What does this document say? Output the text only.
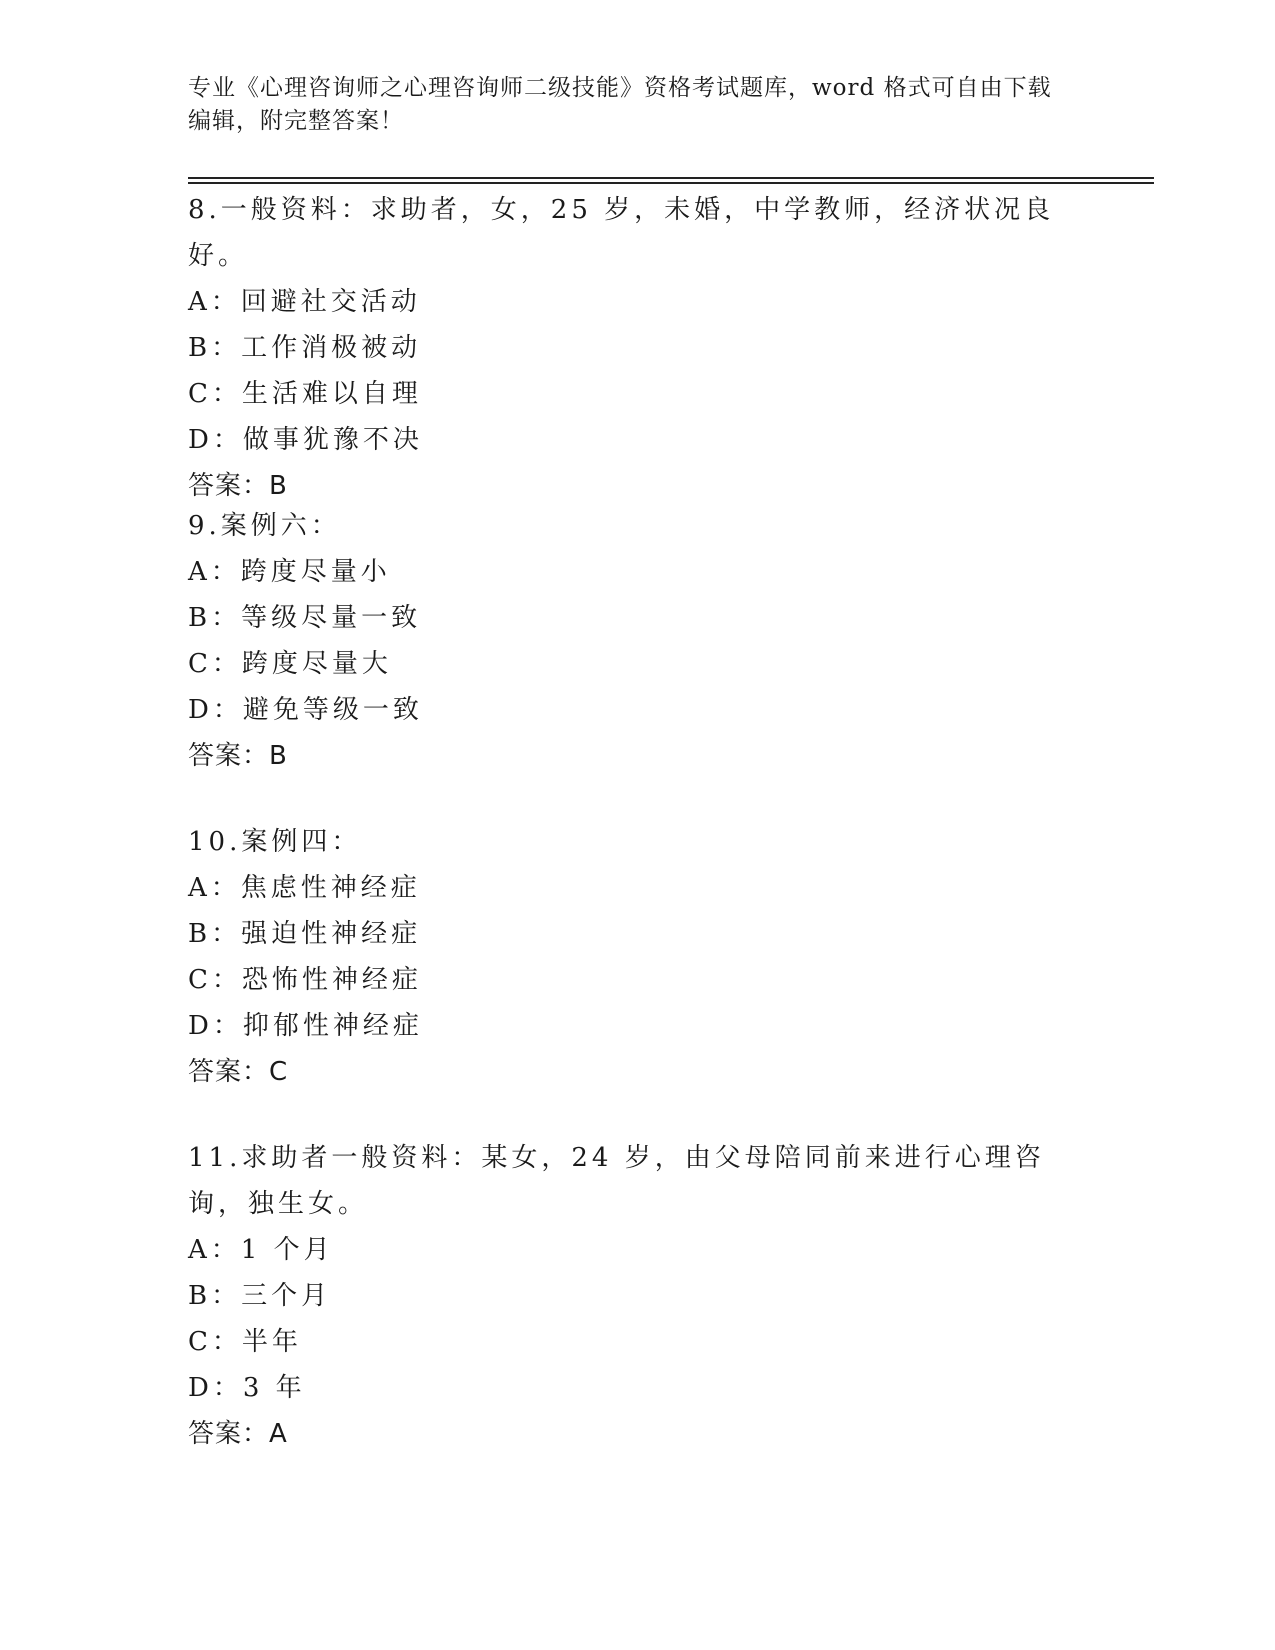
专业《心理咨询师之心理咨询师二级技能》资格考试题库，word 格式可自由下载
编辑，附完整答案！

8.一般资料：求助者，女，25 岁，未婚，中学教师，经济状况良好。

A：回避社交活动

B：工作消极被动

C：生活难以自理

D：做事犹豫不决

答案：B

9.案例六：

A：跨度尽量小

B：等级尽量一致

C：跨度尽量大

D：避免等级一致

答案：B

10.案例四：

A：焦虑性神经症

B：强迫性神经症

C：恐怖性神经症

D：抑郁性神经症

答案：C

11.求助者一般资料：某女，24 岁，由父母陪同前来进行心理咨询，独生女。

A：1 个月

B：三个月

C：半年

D：3 年

答案：A
